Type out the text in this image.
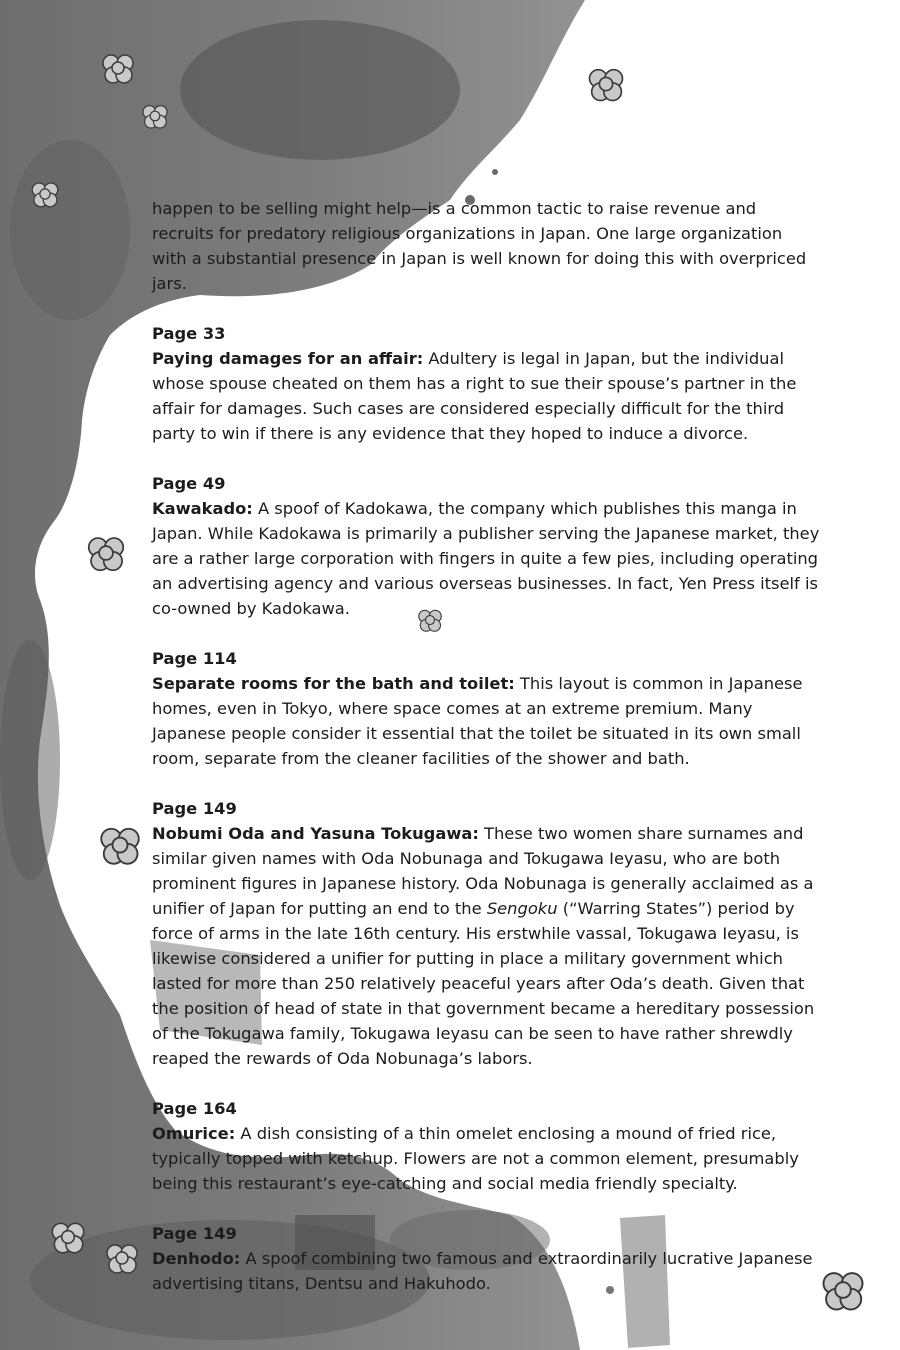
happen to be selling might help—is a common tactic to raise revenue and recruits for predatory religious organizations in Japan. One large organization with a substantial presence in Japan is well known for doing this with overpriced jars.

Page 33

Paying damages for an affair: Adultery is legal in Japan, but the individual whose spouse cheated on them has a right to sue their spouse’s partner in the affair for damages. Such cases are considered especially difficult for the third party to win if there is any evidence that they hoped to induce a divorce.

Page 49

Kawakado: A spoof of Kadokawa, the company which publishes this manga in Japan. While Kadokawa is primarily a publisher serving the Japanese market, they are a rather large corporation with fingers in quite a few pies, including operating an advertising agency and various overseas businesses. In fact, Yen Press itself is co-owned by Kadokawa.

Page 114

Separate rooms for the bath and toilet: This layout is common in Japanese homes, even in Tokyo, where space comes at an extreme premium. Many Japanese people consider it essential that the toilet be situated in its own small room, separate from the cleaner facilities of the shower and bath.

Page 149

Nobumi Oda and Yasuna Tokugawa: These two women share surnames and similar given names with Oda Nobunaga and Tokugawa Ieyasu, who are both prominent figures in Japanese history. Oda Nobunaga is generally acclaimed as a unifier of Japan for putting an end to the Sengoku (“Warring States”) period by force of arms in the late 16th century. His erstwhile vassal, Tokugawa Ieyasu, is likewise considered a unifier for putting in place a military government which lasted for more than 250 relatively peaceful years after Oda’s death. Given that the position of head of state in that government became a hereditary possession of the Tokugawa family, Tokugawa Ieyasu can be seen to have rather shrewdly reaped the rewards of Oda Nobunaga’s labors.

Page 164

Omurice: A dish consisting of a thin omelet enclosing a mound of fried rice, typically topped with ketchup. Flowers are not a common element, presumably being this restaurant’s eye-catching and social media friendly specialty.

Page 149

Denhodo: A spoof combining two famous and extraordinarily lucrative Japanese advertising titans, Dentsu and Hakuhodo.
